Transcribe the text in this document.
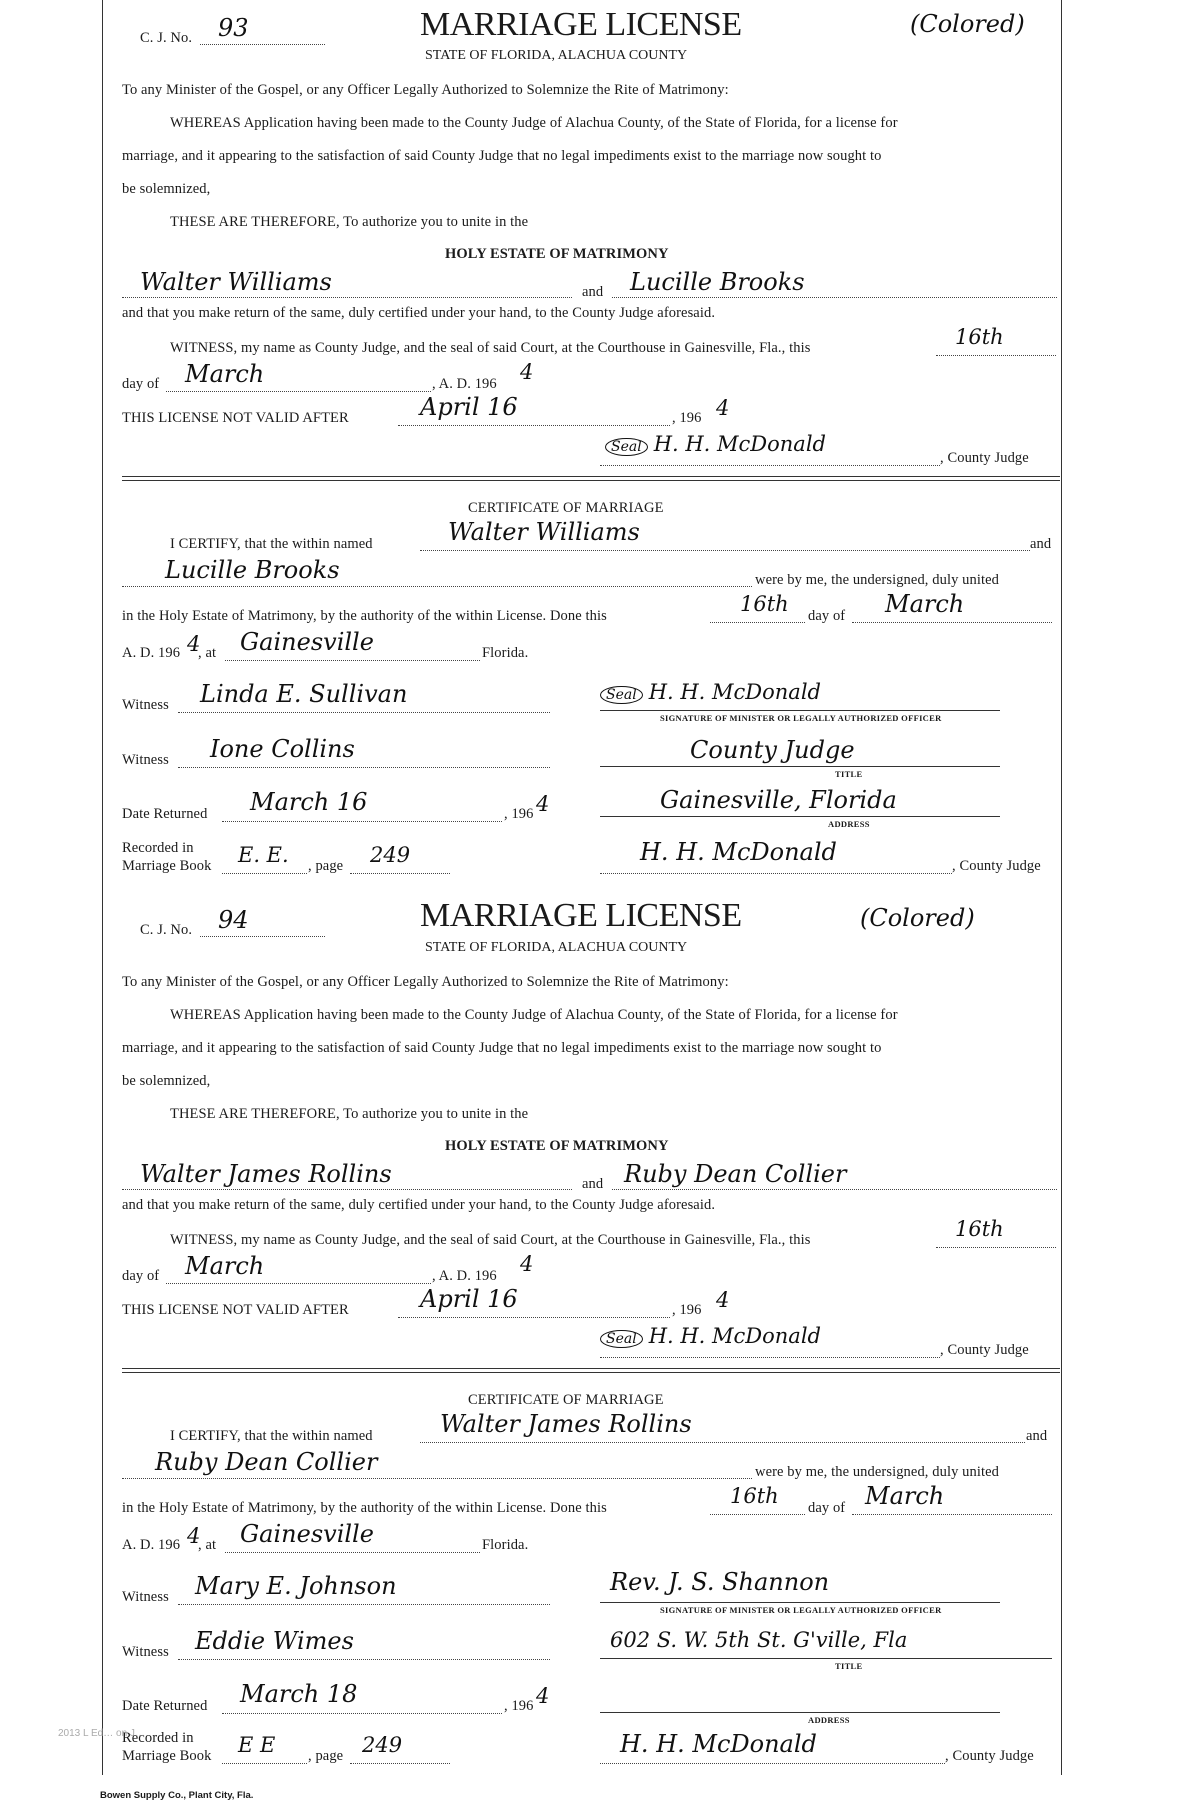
C. J. No. 93	MARRIAGE LICENSE	(Colored)
STATE OF FLORIDA, ALACHUA COUNTY
To any Minister of the Gospel, or any Officer Legally Authorized to Solemnize the Rite of Matrimony:
WHEREAS Application having been made to the County Judge of Alachua County, of the State of Florida, for a license for
marriage, and it appearing to the satisfaction of said County Judge that no legal impediments exist to the marriage now sought to
be solemnized,
THESE ARE THEREFORE, To authorize you to unite in the
HOLY ESTATE OF MATRIMONY
Walter Williams	and Lucille Brooks
and that you make return of the same, duly certified under your hand, to the County Judge aforesaid.
WITNESS, my name as County Judge, and the seal of said Court, at the Courthouse in Gainesville, Fla., this	16th
day of March	, A. D. 196 4
THIS LICENSE NOT VALID AFTER	April 16	, 196 4
Seal H. H. McDonald
, County Judge
CERTIFICATE OF MARRIAGE
I CERTIFY, that the within named	Walter Williams	and
Lucille Brooks	were by me, the undersigned, duly united
in the Holy Estate of Matrimony, by the authority of the within License. Done this	16th day of March
A. D. 196 4
, at Gainesville	Florida.
Witness Linda E. Sullivan	Seal H. H. McDonald
SIGNATURE OF MINISTER OR LEGALLY AUTHORIZED OFFICER
Witness Ione Collins	County Judge
TITLE
Date Returned March 16	, 196 4	Gainesville, Florida
ADDRESS
Recorded in
Marriage Book E. E. , page 249	H. H. McDonald	, County Judge
C. J. No. 94	MARRIAGE LICENSE	(Colored)
STATE OF FLORIDA, ALACHUA COUNTY
To any Minister of the Gospel, or any Officer Legally Authorized to Solemnize the Rite of Matrimony:
WHEREAS Application having been made to the County Judge of Alachua County, of the State of Florida, for a license for
marriage, and it appearing to the satisfaction of said County Judge that no legal impediments exist to the marriage now sought to
be solemnized,
THESE ARE THEREFORE, To authorize you to unite in the
HOLY ESTATE OF MATRIMONY
Walter James Rollins	and Ruby Dean Collier
and that you make return of the same, duly certified under your hand, to the County Judge aforesaid.
WITNESS, my name as County Judge, and the seal of said Court, at the Courthouse in Gainesville, Fla., this	16th
day of March	, A. D. 196 4
THIS LICENSE NOT VALID AFTER	April 16	, 196 4
Seal H. H. McDonald
, County Judge
CERTIFICATE OF MARRIAGE
I CERTIFY, that the within named	Walter James Rollins	and
Ruby Dean Collier	were by me, the undersigned, duly united
in the Holy Estate of Matrimony, by the authority of the within License. Done this	16th day of March
A. D. 196 4
, at Gainesville	Florida.
Witness Mary E. Johnson	Rev. J. S. Shannon
SIGNATURE OF MINISTER OR LEGALLY AUTHORIZED OFFICER
Witness Eddie Wimes	602 S. W. 5th St. G'ville, Fla
TITLE
Date Returned March 18	, 196 4
ADDRESS
Recorded in
Marriage Book E E , page 249	H. H. McDonald	, County Judge
2013 L Ed… on J…
Bowen Supply Co., Plant City, Fla.
